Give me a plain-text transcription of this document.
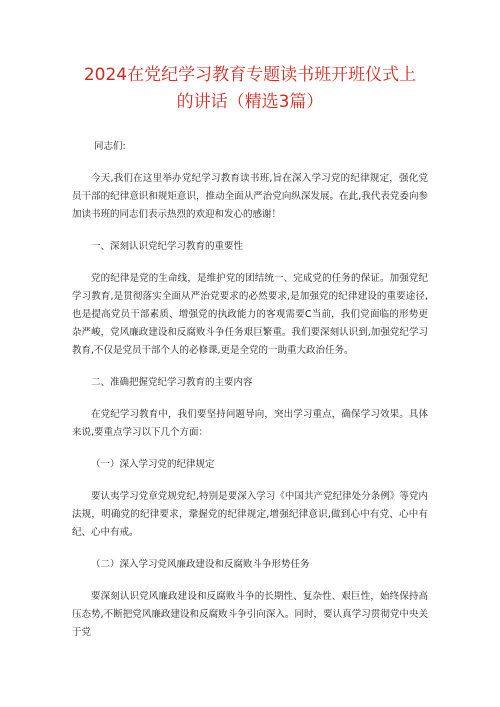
2024在党纪学习教育专题读书班开班仪式上
的讲话（精选3篇）

同志们:

今天,我们在这里举办党纪学习教育读书班,旨在深入学习党的纪律规定，强化党员干部的纪律意识和规矩意识，推动全面从严治党向纵深发展。在此,我代表党委向参加读书班的同志们表示热烈的欢迎和发心的感谢！

一、深刻认识党纪学习教育的重要性

党的纪律是党的生命线，是维护党的团结统一、完成党的任务的保证。加强党纪学习教育,是贯彻落实全面从严治党要求的必然要求,是加强党的纪律建设的重要途径,也是提高党员干部素质、增强党的执政能力的客观需要C当前，我们党面临的形势更杂严峻，党风廉政建设和反腐败斗争任务艰巨繁重。我们要深刻认识到,加强党纪学习教育,不仅是党员干部个人的必修课,更是全党的一助重大政治任务。

二、准确把握党纪学习教育的主要内容

在党纪学习教育中，我们要坚持问题导向，突出学习重点，确保学习效果。具体来说,要重点学习以下几个方面：

（一）深入学习党的纪律规定

要认夷学习党章党规党纪,特别是要深入学习《中国共产党纪律处分条例》等党内法规，明确党的纪律要求，鞏握党的纪律规定,增强纪律意识,做到心中有党、心中有纪、心中有戒。

（二）深入学习党风廉政建设和反腐败斗争形势任务

要深刻认识党风廉政建设和反腐败斗争的长期性、复杂性、艰巨性，始终保持高压态势,不断把党风廉政建设和反腐败斗争引向深入。同时，要认真学习贯彻党中央关于党
